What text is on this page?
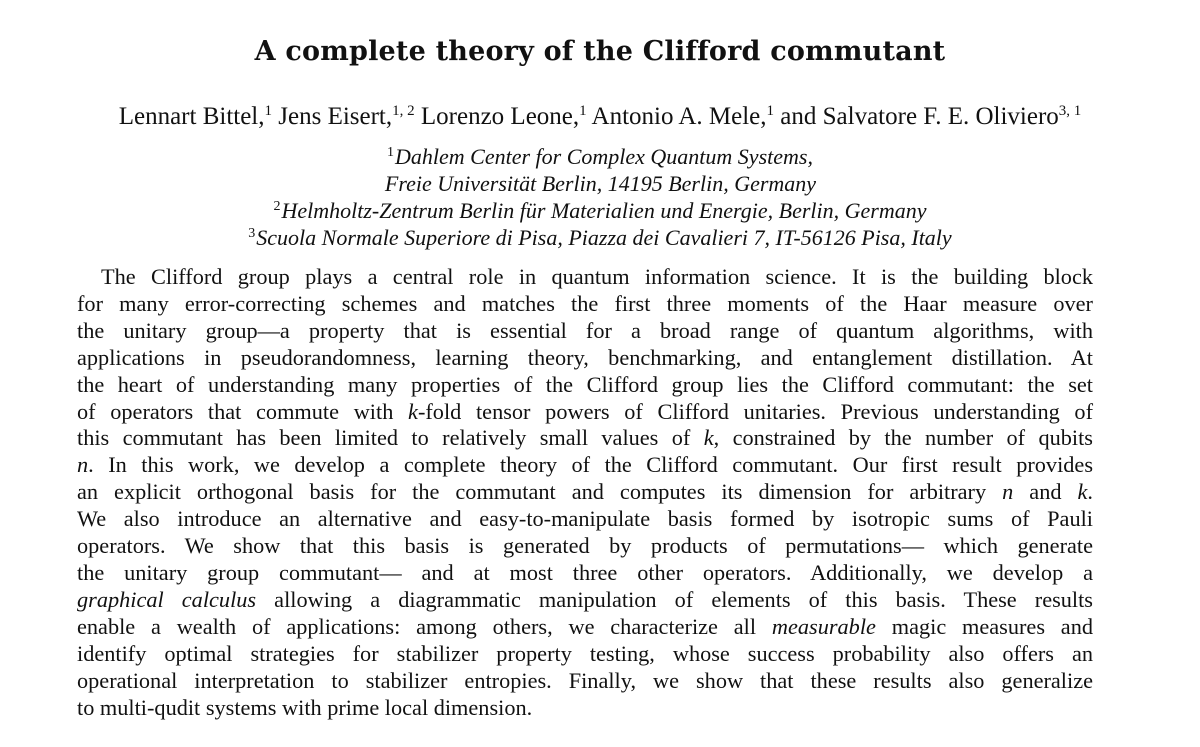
A complete theory of the Clifford commutant
Lennart Bittel,$^1$ Jens Eisert,$^{1, 2}$ Lorenzo Leone,$^1$ Antonio A. Mele,$^1$ and Salvatore F. E. Oliviero$^{3, 1}$
$^1$Dahlem Center for Complex Quantum Systems,
Freie Universität Berlin, 14195 Berlin, Germany
$^2$Helmholtz-Zentrum Berlin für Materialien und Energie, Berlin, Germany
$^3$Scuola Normale Superiore di Pisa, Piazza dei Cavalieri 7, IT-56126 Pisa, Italy
The Clifford group plays a central role in quantum information science. It is the building block
for many error-correcting schemes and matches the first three moments of the Haar measure over
the unitary group—a property that is essential for a broad range of quantum algorithms, with
applications in pseudorandomness, learning theory, benchmarking, and entanglement distillation. At
the heart of understanding many properties of the Clifford group lies the Clifford commutant: the set
of operators that commute with k-fold tensor powers of Clifford unitaries. Previous understanding of
this commutant has been limited to relatively small values of k, constrained by the number of qubits
n. In this work, we develop a complete theory of the Clifford commutant. Our first result provides
an explicit orthogonal basis for the commutant and computes its dimension for arbitrary n and k.
We also introduce an alternative and easy-to-manipulate basis formed by isotropic sums of Pauli
operators. We show that this basis is generated by products of permutations— which generate
the unitary group commutant— and at most three other operators. Additionally, we develop a
graphical calculus allowing a diagrammatic manipulation of elements of this basis. These results
enable a wealth of applications: among others, we characterize all measurable magic measures and
identify optimal strategies for stabilizer property testing, whose success probability also offers an
operational interpretation to stabilizer entropies. Finally, we show that these results also generalize
to multi-qudit systems with prime local dimension.
